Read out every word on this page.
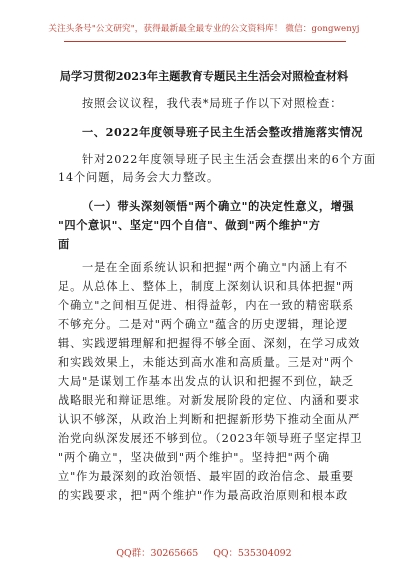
关注头条号"公文研究"，获得最新最全最专业的公文资料库！ 微信：gongwenyj
局学习贯彻2023年主题教育专题民主生活会对照检查材料
按照会议议程，我代表*局班子作以下对照检查：
一、2022年度领导班子民主生活会整改措施落实情况
针对2022年度领导班子民主生活会查摆出来的6个方面
14个问题，局务会大力整改。
（一）带头深刻领悟"两个确立"的决定性意义，增强
"四个意识"、坚定"四个自信"、做到"两个维护"方
面
一是在全面系统认识和把握"两个确立"内涵上有不
足。从总体上、整体上，制度上深刻认识和具体把握"两
个确立"之间相互促进、相得益彰，内在一致的精密联系
不够充分。二是对"两个确立"蕴含的历史逻辑，理论逻
辑、实践逻辑理解和把握得不够全面、深刻，在学习成效
和实践效果上，未能达到高水准和高质量。三是对"两个
大局"是谋划工作基本出发点的认识和把握不到位，缺乏
战略眼光和辩证思维。对新发展阶段的定位、内涵和要求
认识不够深，从政治上判断和把握新形势下推动全面从严
治党向纵深发展还不够到位。（2023年领导班子坚定捍卫
"两个确立"，坚决做到"两个维护"。坚持把"两个确
立"作为最深刻的政治领悟、最牢固的政治信念、最重要
的实践要求，把"两个维护"作为最高政治原则和根本政
QQ群：30265665 QQ：535304092
